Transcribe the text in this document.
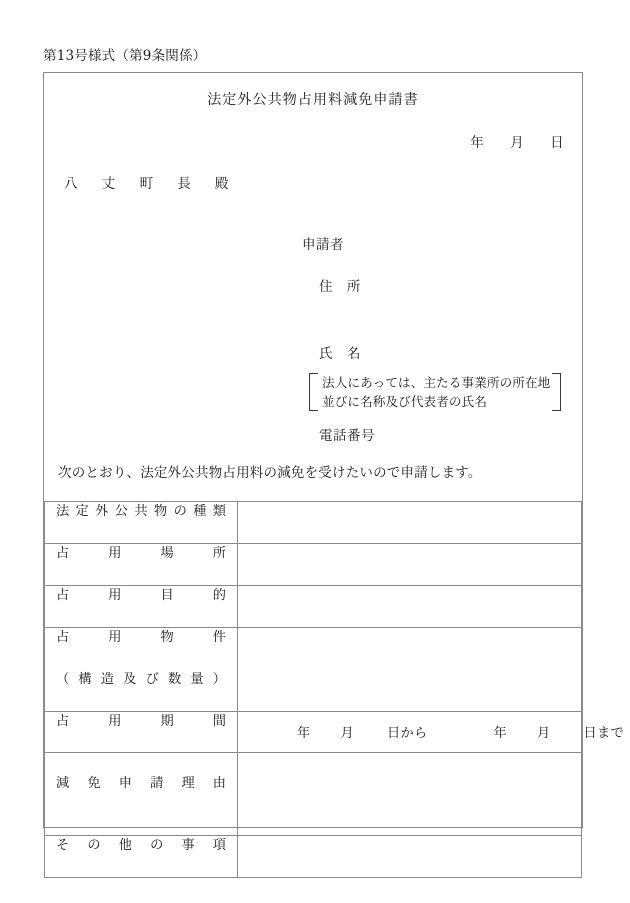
第13号様式（第9条関係）
法定外公共物占用料減免申請書
年 月 日
八 丈 町 長 殿
申請者
住　所
氏　名
法人にあっては、主たる事業所の所在地
並びに名称及び代表者の氏名
電話番号
次のとおり、法定外公共物占用料の減免を受けたいので申請します。
法定外公共物の種類	

占用場所	

占用目的	

占用物件
（構造及び数量）	

占用期間	年 月 日から 年 月 日まで

減免申請理由	

その他の事項	
